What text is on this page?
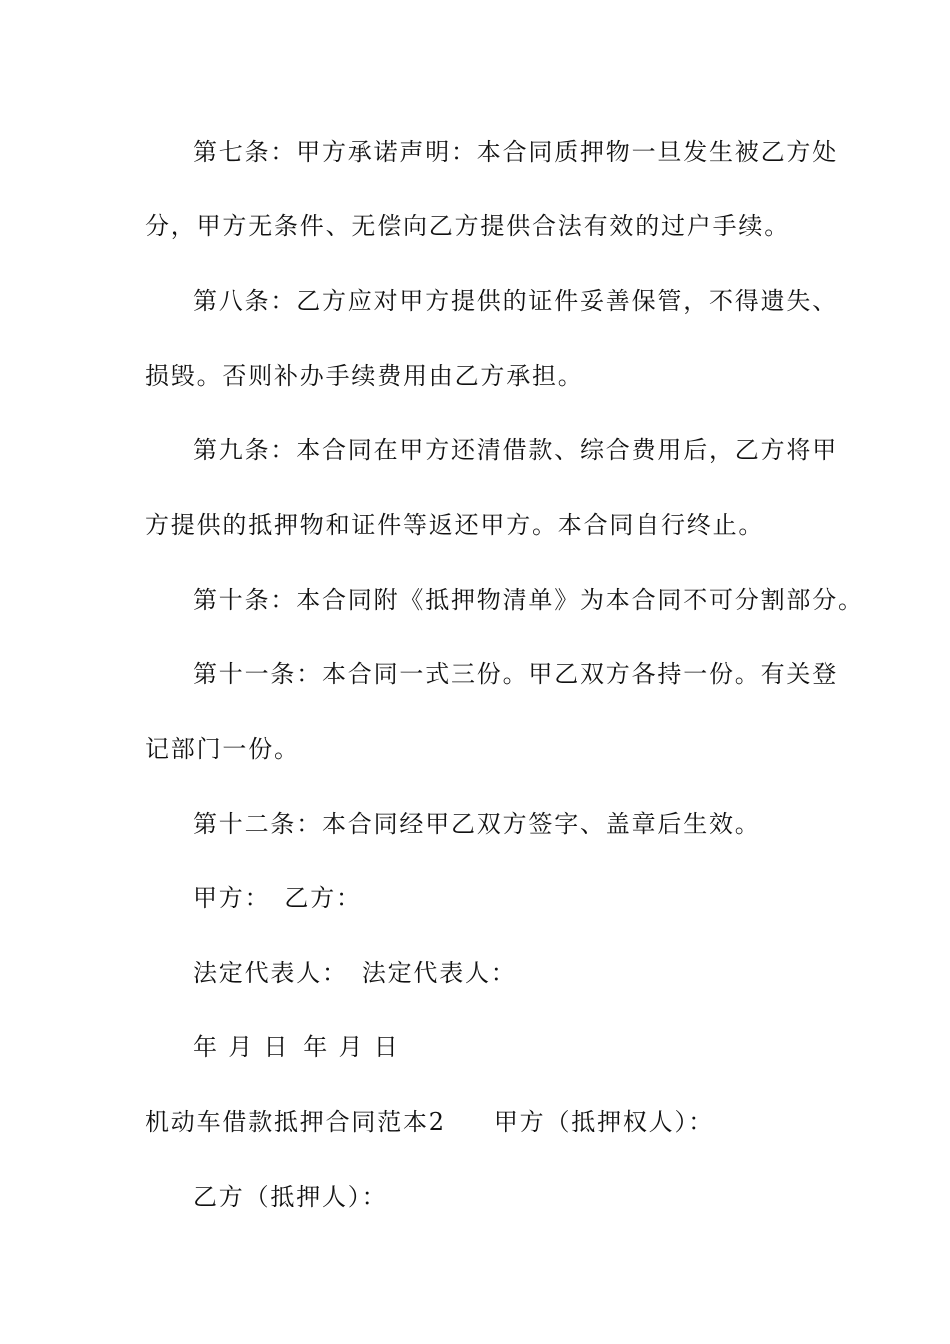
第七条：甲方承诺声明：本合同质押物一旦发生被乙方处
分，甲方无条件、无偿向乙方提供合法有效的过户手续。
第八条：乙方应对甲方提供的证件妥善保管，不得遗失、
损毁。否则补办手续费用由乙方承担。
第九条：本合同在甲方还清借款、综合费用后，乙方将甲
方提供的抵押物和证件等返还甲方。本合同自行终止。
第十条：本合同附《抵押物清单》为本合同不可分割部分。
第十一条：本合同一式三份。甲乙双方各持一份。有关登
记部门一份。
第十二条：本合同经甲乙双方签字、盖章后生效。
甲方： 乙方：
法定代表人： 法定代表人：
年 月 日 年 月 日
机动车借款抵押合同范本2 甲方（抵押权人）：
乙方（抵押人）：
